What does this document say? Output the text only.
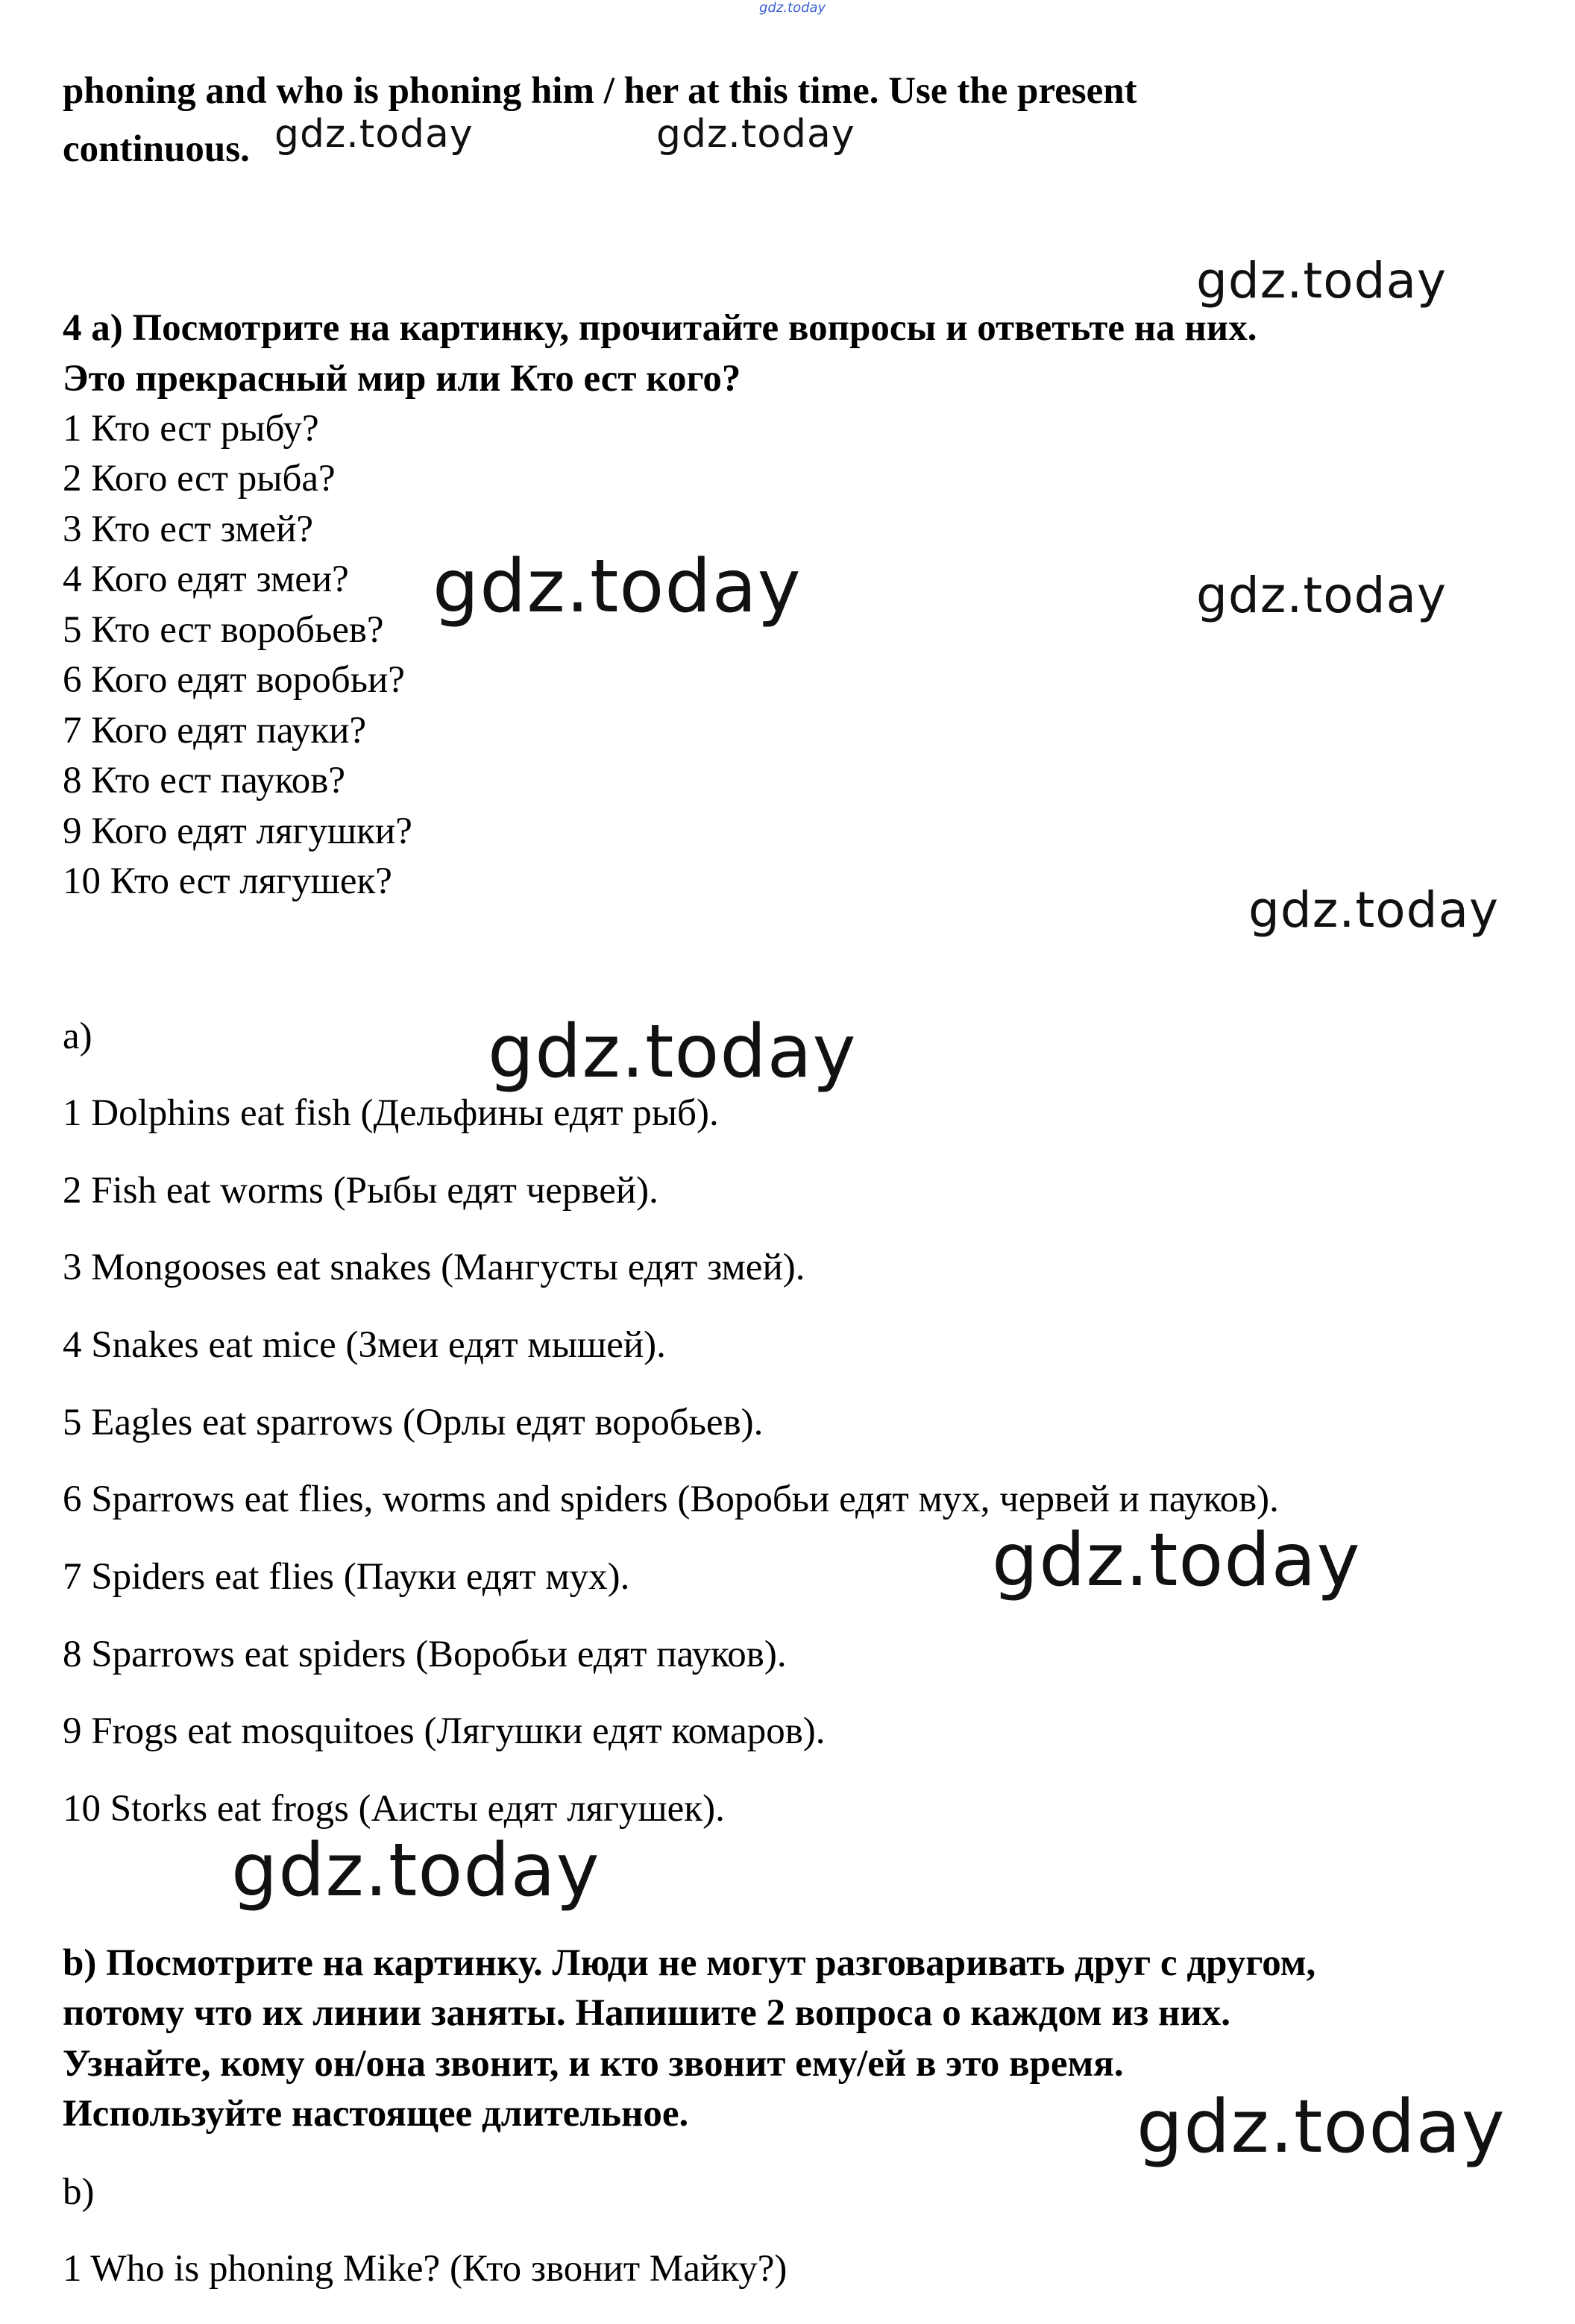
gdz.today
phoning and who is phoning him / her at this time. Use the present
continuous.
4 а) Посмотрите на картинку, прочитайте вопросы и ответьте на них.
Это прекрасный мир или Кто ест кого?
1 Кто ест рыбу?
2 Кого ест рыба?
3 Кто ест змей?
4 Кого едят змеи?
5 Кто ест воробьев?
6 Кого едят воробьи?
7 Кого едят пауки?
8 Кто ест пауков?
9 Кого едят лягушки?
10 Кто ест лягушек?
a)
1 Dolphins eat fish (Дельфины едят рыб).
2 Fish eat worms (Рыбы едят червей).
3 Mongooses eat snakes (Мангусты едят змей).
4 Snakes eat mice (Змеи едят мышей).
5 Eagles eat sparrows (Орлы едят воробьев).
6 Sparrows eat flies, worms and spiders (Воробьи едят мух, червей и пауков).
7 Spiders eat flies (Пауки едят мух).
8 Sparrows eat spiders (Воробьи едят пауков).
9 Frogs eat mosquitoes (Лягушки едят комаров).
10 Storks eat frogs (Аисты едят лягушек).
b) Посмотрите на картинку. Люди не могут разговаривать друг с другом,
потому что их линии заняты. Напишите 2 вопроса о каждом из них.
Узнайте, кому он/она звонит, и кто звонит ему/ей в это время.
Используйте настоящее длительное.
b)
1 Who is phoning Mike? (Кто звонит Майку?)
gdz.today	gdz.today
gdz.today
gdz.today	gdz.today
gdz.today
gdz.today
gdz.today
gdz.today
gdz.today
